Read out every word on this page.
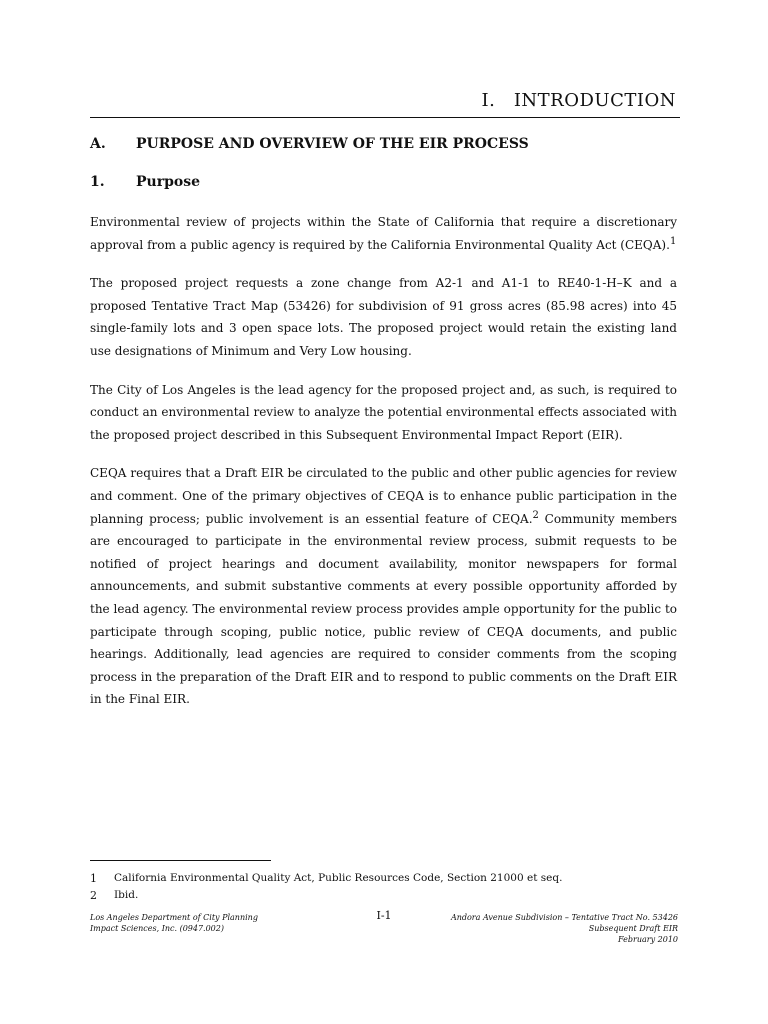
I. INTRODUCTION
A.	PURPOSE AND OVERVIEW OF THE EIR PROCESS
1.	Purpose

Environmental review of projects within the State of California that require a discretionary approval from a public agency is required by the California Environmental Quality Act (CEQA).$^1$

The proposed project requests a zone change from A2-1 and A1-1 to RE40-1-H–K and a proposed Tentative Tract Map (53426) for subdivision of 91 gross acres (85.98 acres) into 45 single-family lots and 3 open space lots. The proposed project would retain the existing land use designations of Minimum and Very Low housing.

The City of Los Angeles is the lead agency for the proposed project and, as such, is required to conduct an environmental review to analyze the potential environmental effects associated with the proposed project described in this Subsequent Environmental Impact Report (EIR).

CEQA requires that a Draft EIR be circulated to the public and other public agencies for review and comment. One of the primary objectives of CEQA is to enhance public participation in the planning process; public involvement is an essential feature of CEQA.$^2$ Community members are encouraged to participate in the environmental review process, submit requests to be notified of project hearings and document availability, monitor newspapers for formal announcements, and submit substantive comments at every possible opportunity afforded by the lead agency. The environmental review process provides ample opportunity for the public to participate through scoping, public notice, public review of CEQA documents, and public hearings. Additionally, lead agencies are required to consider comments from the scoping process in the preparation of the Draft EIR and to respond to public comments on the Draft EIR in the Final EIR.

1	California Environmental Quality Act, Public Resources Code, Section 21000 et seq.
2	Ibid.
Los Angeles Department of City Planning
Impact Sciences, Inc. (0947.002)
I-1	Andora Avenue Subdivision – Tentative Tract No. 53426
Subsequent Draft EIR
February 2010
